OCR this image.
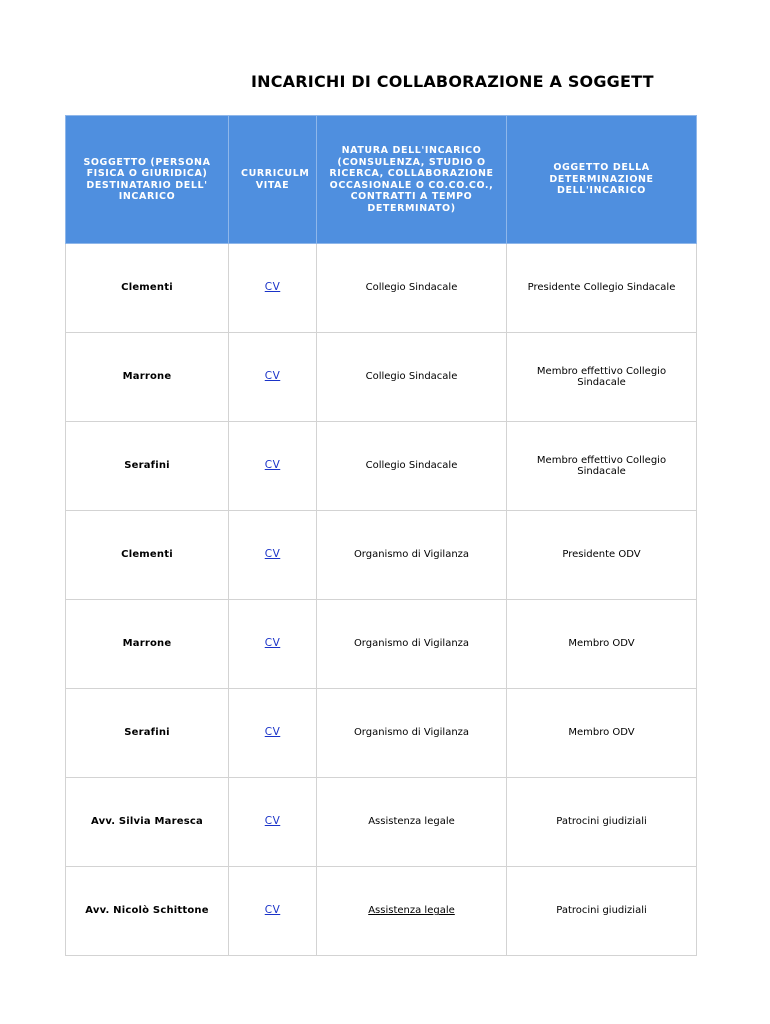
INCARICHI DI COLLABORAZIONE A SOGGETT
SOGGETTO (PERSONA FISICA O GIURIDICA) DESTINATARIO DELL' INCARICO	CURRICULM VITAE	NATURA DELL'INCARICO (CONSULENZA, STUDIO O RICERCA, COLLABORAZIONE OCCASIONALE O CO.CO.CO., CONTRATTI A TEMPO DETERMINATO)	OGGETTO DELLA DETERMINAZIONE DELL'INCARICO
Clementi	CV	Collegio Sindacale	Presidente Collegio Sindacale
Marrone	CV	Collegio Sindacale	Membro effettivo Collegio Sindacale
Serafini	CV	Collegio Sindacale	Membro effettivo Collegio Sindacale
Clementi	CV	Organismo di Vigilanza	Presidente ODV
Marrone	CV	Organismo di Vigilanza	Membro ODV
Serafini	CV	Organismo di Vigilanza	Membro ODV
Avv. Silvia Maresca	CV	Assistenza legale	Patrocini giudiziali
Avv. Nicolò Schittone	CV	Assistenza legale	Patrocini giudiziali
